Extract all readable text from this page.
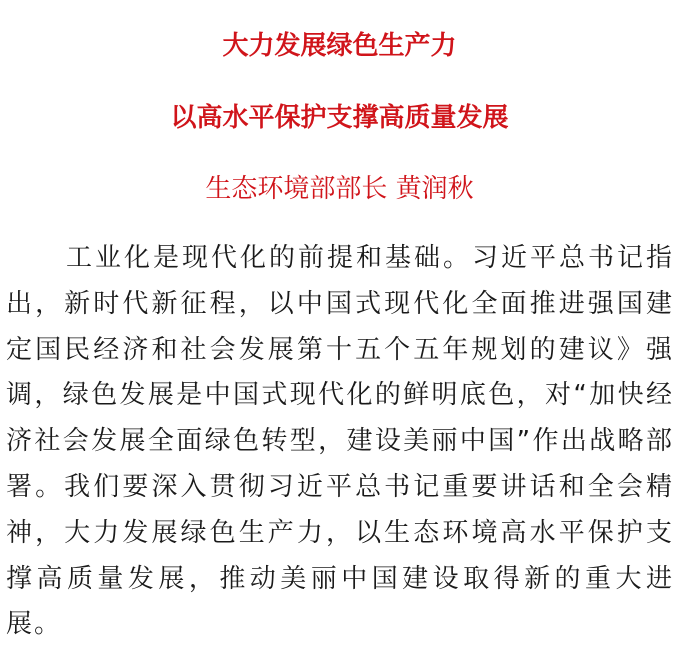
大力发展绿色生产力
以高水平保护支撑高质量发展
生态环境部部长 黄润秋

工业化是现代化的前提和基础。习近平总书记指出，新时代新征程，以中国式现代化全面推进强国建定国民经济和社会发展第十五个五年规划的建议》强调，绿色发展是中国式现代化的鲜明底色，对“加快经济社会发展全面绿色转型，建设美丽中国”作出战略部署。我们要深入贯彻习近平总书记重要讲话和全会精神，大力发展绿色生产力，以生态环境高水平保护支撑高质量发展，推动美丽中国建设取得新的重大进展。
